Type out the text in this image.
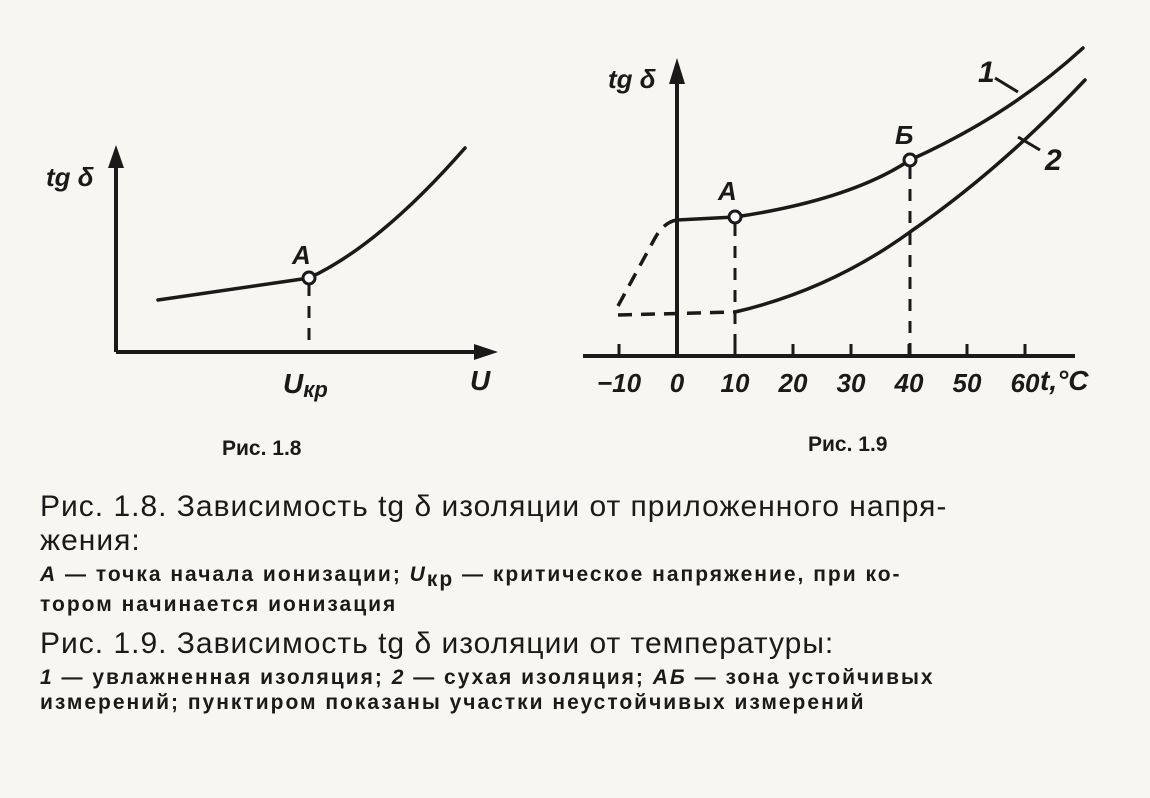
tg δ
A
U
Uкр
Рис. 1.8
−10 0 10 20 30 40 50 60
tg δ
A
Б
1
2
t,°C
Рис. 1.9

Рис. 1.8. Зависимость tg δ изоляции от приложенного напря-
жения:

A — точка начала ионизации; $U_{кр}$ — критическое напряжение, при ко-
тором начинается ионизация

Рис. 1.9. Зависимость tg δ изоляции от температуры:

1 — увлажненная изоляция; 2 — сухая изоляция; АБ — зона устойчивых
измерений; пунктиром показаны участки неустойчивых измерений
